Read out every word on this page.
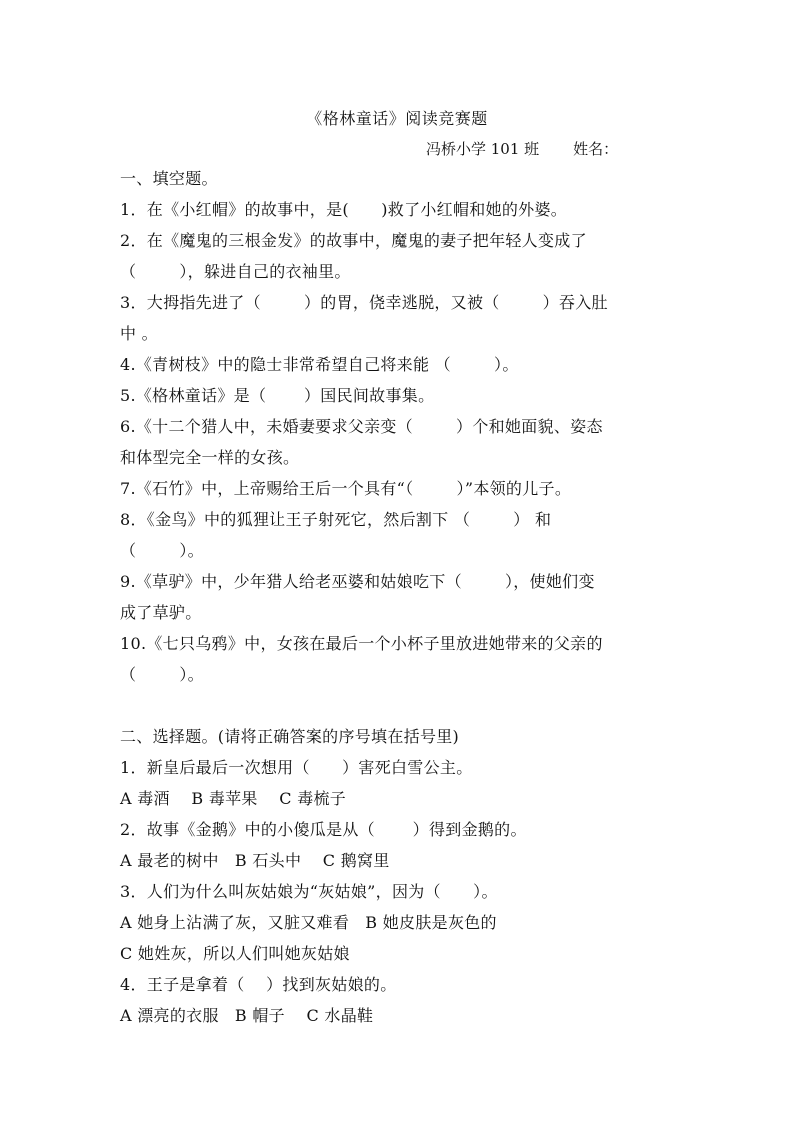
《格林童话》阅读竞赛题
冯桥小学 101 班 姓名：
一、填空题。
1．在《小红帽》的故事中，是(      )救了小红帽和她的外婆。
2．在《魔鬼的三根金发》的故事中，魔鬼的妻子把年轻人变成了
（        ），躲进自己的衣袖里。
3．大拇指先进了（        ）的胃，侥幸逃脱，又被（        ）吞入肚
中 。
4.《青树枝》中的隐士非常希望自己将来能 （        ）。
5.《格林童话》是（       ）国民间故事集。
6.《十二个猎人中，未婚妻要求父亲变（        ）个和她面貌、姿态
和体型完全一样的女孩。
7.《石竹》中，上帝赐给王后一个具有“（        ）”本领的儿子。
8．《金鸟》中的狐狸让王子射死它，然后割下 （        ） 和
（        ）。
9.《草驴》中，少年猎人给老巫婆和姑娘吃下（        ），使她们变
成了草驴。
10.《七只乌鸦》中，女孩在最后一个小杯子里放进她带来的父亲的
（        ）。
二、选择题。(请将正确答案的序号填在括号里)
1．新皇后最后一次想用（      ）害死白雪公主。
A 毒酒    B 毒苹果    C 毒梳子
2．故事《金鹅》中的小傻瓜是从（       ）得到金鹅的。
A 最老的树中   B 石头中    C 鹅窝里
3．人们为什么叫灰姑娘为“灰姑娘”，因为（      ）。
A 她身上沾满了灰，又脏又难看   B 她皮肤是灰色的
C 她姓灰，所以人们叫她灰姑娘
4．王子是拿着（    ）找到灰姑娘的。
A 漂亮的衣服   B 帽子    C 水晶鞋
